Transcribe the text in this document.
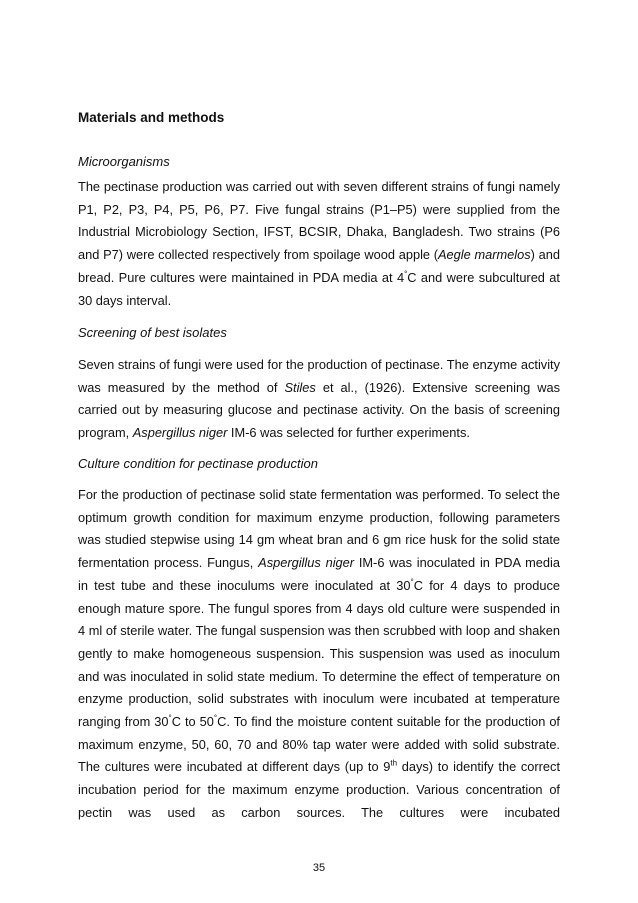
Materials and methods
Microorganisms
The pectinase production was carried out with seven different strains of fungi namely P1, P2, P3, P4, P5, P6, P7. Five fungal strains (P1–P5) were supplied from the Industrial Microbiology Section, IFST, BCSIR, Dhaka, Bangladesh. Two strains (P6 and P7) were collected respectively from spoilage wood apple (Aegle marmelos) and bread. Pure cultures were maintained in PDA media at 4°C and were subcultured at 30 days interval.
Screening of best isolates
Seven strains of fungi were used for the production of pectinase. The enzyme activity was measured by the method of Stiles et al., (1926). Extensive screening was carried out by measuring glucose and pectinase activity. On the basis of screening program, Aspergillus niger IM-6 was selected for further experiments.
Culture condition for pectinase production
For the production of pectinase solid state fermentation was performed. To select the optimum growth condition for maximum enzyme production, following parameters was studied stepwise using 14 gm wheat bran and 6 gm rice husk for the solid state fermentation process. Fungus, Aspergillus niger IM-6 was inoculated in PDA media in test tube and these inoculums were inoculated at 30°C for 4 days to produce enough mature spore. The fungul spores from 4 days old culture were suspended in 4 ml of sterile water. The fungal suspension was then scrubbed with loop and shaken gently to make homogeneous suspension. This suspension was used as inoculum and was inoculated in solid state medium. To determine the effect of temperature on enzyme production, solid substrates with inoculum were incubated at temperature ranging from 30°C to 50°C. To find the moisture content suitable for the production of maximum enzyme, 50, 60, 70 and 80% tap water were added with solid substrate. The cultures were incubated at different days (up to 9th days) to identify the correct incubation period for the maximum enzyme production. Various concentration of pectin was used as carbon sources. The cultures were incubated
35
